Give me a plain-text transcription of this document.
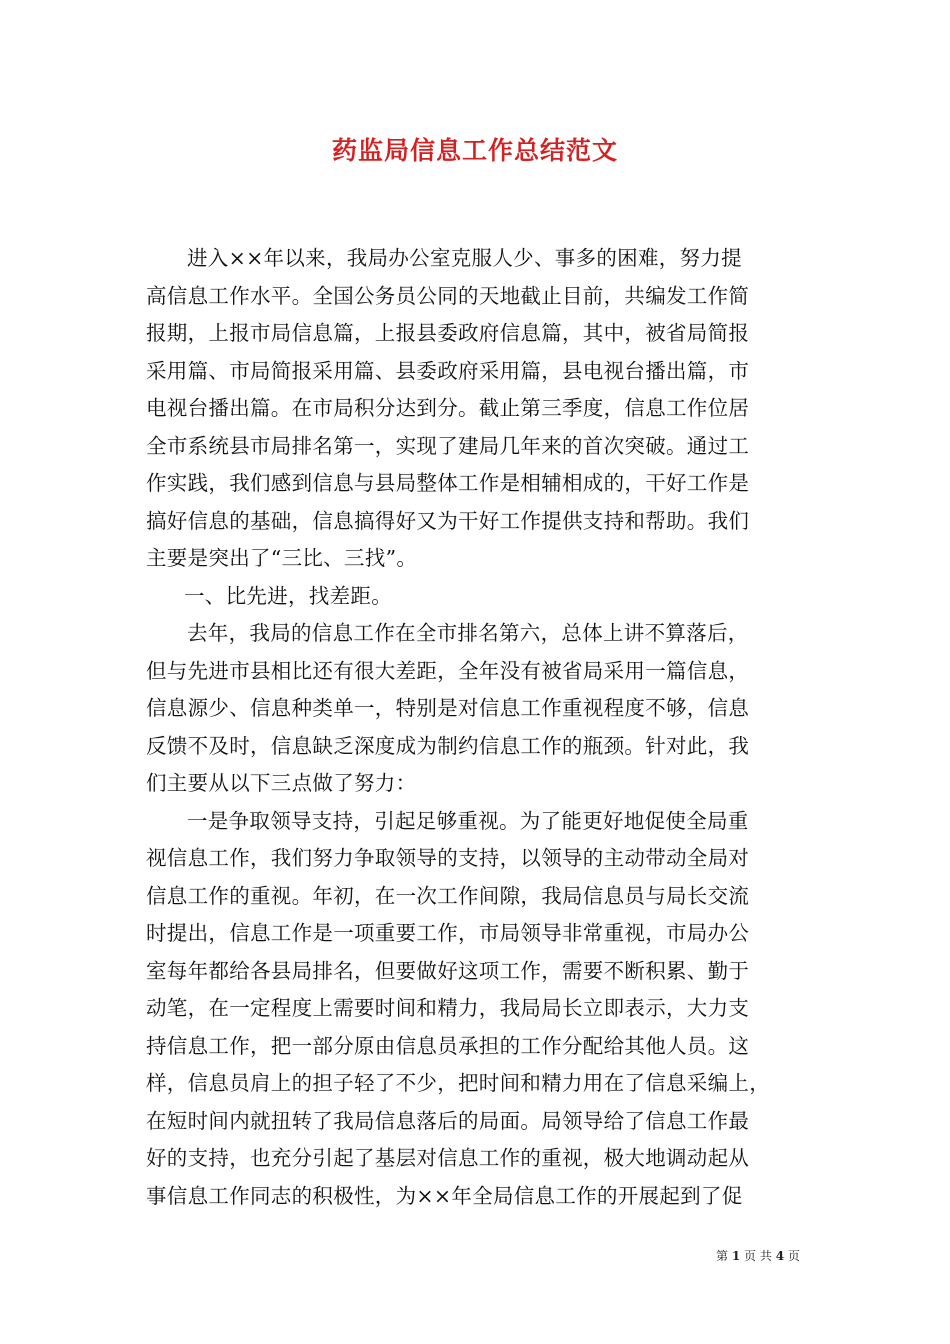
药监局信息工作总结范文
进入××年以来，我局办公室克服人少、事多的困难，努力提
高信息工作水平。全国公务员公同的天地截止目前，共编发工作简
报期，上报市局信息篇，上报县委政府信息篇，其中，被省局简报
采用篇、市局简报采用篇、县委政府采用篇，县电视台播出篇，市
电视台播出篇。在市局积分达到分。截止第三季度，信息工作位居
全市系统县市局排名第一，实现了建局几年来的首次突破。通过工
作实践，我们感到信息与县局整体工作是相辅相成的，干好工作是
搞好信息的基础，信息搞得好又为干好工作提供支持和帮助。我们
主要是突出了“三比、三找”。
一、比先进，找差距。
去年，我局的信息工作在全市排名第六，总体上讲不算落后，
但与先进市县相比还有很大差距，全年没有被省局采用一篇信息，
信息源少、信息种类单一，特别是对信息工作重视程度不够，信息
反馈不及时，信息缺乏深度成为制约信息工作的瓶颈。针对此，我
们主要从以下三点做了努力：
一是争取领导支持，引起足够重视。为了能更好地促使全局重
视信息工作，我们努力争取领导的支持，以领导的主动带动全局对
信息工作的重视。年初，在一次工作间隙，我局信息员与局长交流
时提出，信息工作是一项重要工作，市局领导非常重视，市局办公
室每年都给各县局排名，但要做好这项工作，需要不断积累、勤于
动笔，在一定程度上需要时间和精力，我局局长立即表示，大力支
持信息工作，把一部分原由信息员承担的工作分配给其他人员。这
样，信息员肩上的担子轻了不少，把时间和精力用在了信息采编上，
在短时间内就扭转了我局信息落后的局面。局领导给了信息工作最
好的支持，也充分引起了基层对信息工作的重视，极大地调动起从
事信息工作同志的积极性，为××年全局信息工作的开展起到了促
第 1 页 共 4 页
